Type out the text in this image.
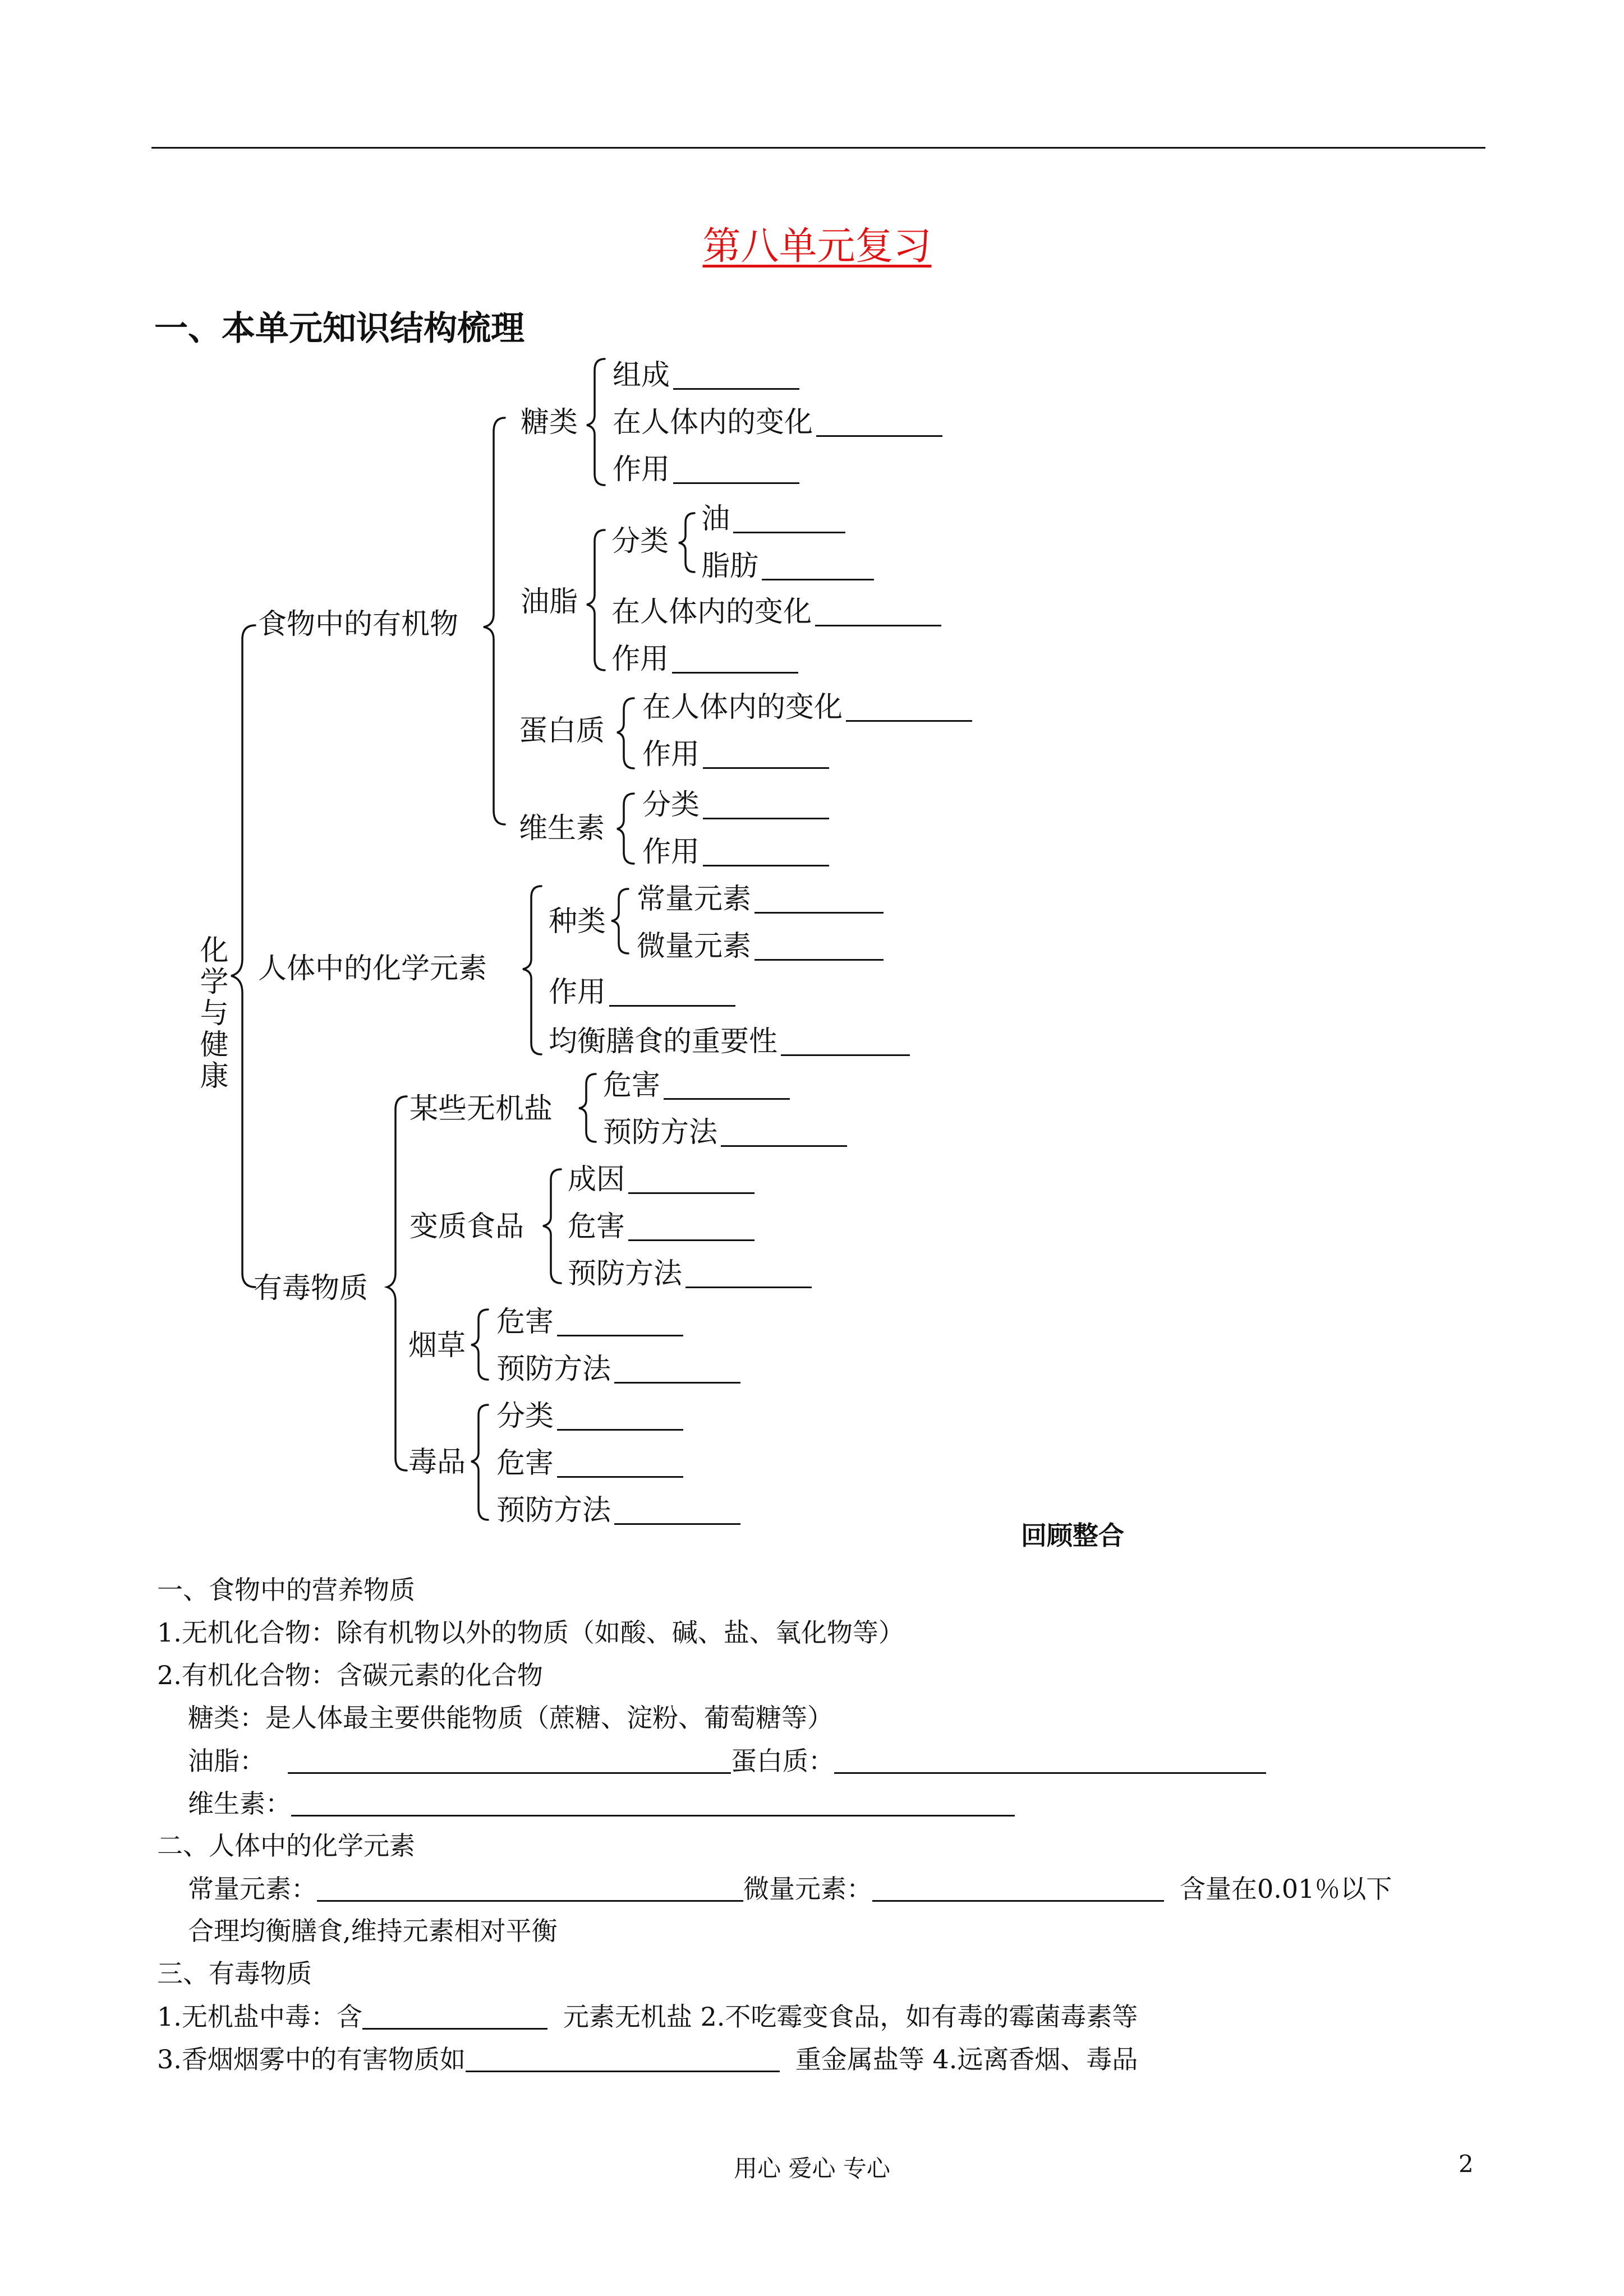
第八单元复习
一、本单元知识结构梳理
化学与健康
食物中的有机物
糖类
组成
在人体内的变化
作用
油脂
分类
油
脂肪
在人体内的变化
作用
蛋白质
在人体内的变化
作用
维生素
分类
作用
人体中的化学元素
种类
常量元素
微量元素
作用
均衡膳食的重要性
有毒物质
某些无机盐
危害
预防方法
变质食品
成因
危害
预防方法
烟草
危害
预防方法
毒品
分类
危害
预防方法
回顾整合
一、食物中的营养物质
1.无机化合物：除有机物以外的物质（如酸、碱、盐、氧化物等）
2.有机化合物：含碳元素的化合物
糖类：是人体最主要供能物质（蔗糖、淀粉、葡萄糖等）
油脂：	蛋白质：
维生素：
二、人体中的化学元素
常量元素：	微量元素：	含量在0.01％以下
合理均衡膳食,维持元素相对平衡
三、有毒物质
1.无机盐中毒：含	元素无机盐 2.不吃霉变食品，如有毒的霉菌毒素等
3.香烟烟雾中的有害物质如	重金属盐等 4.远离香烟、毒品
用心 爱心 专心	2
